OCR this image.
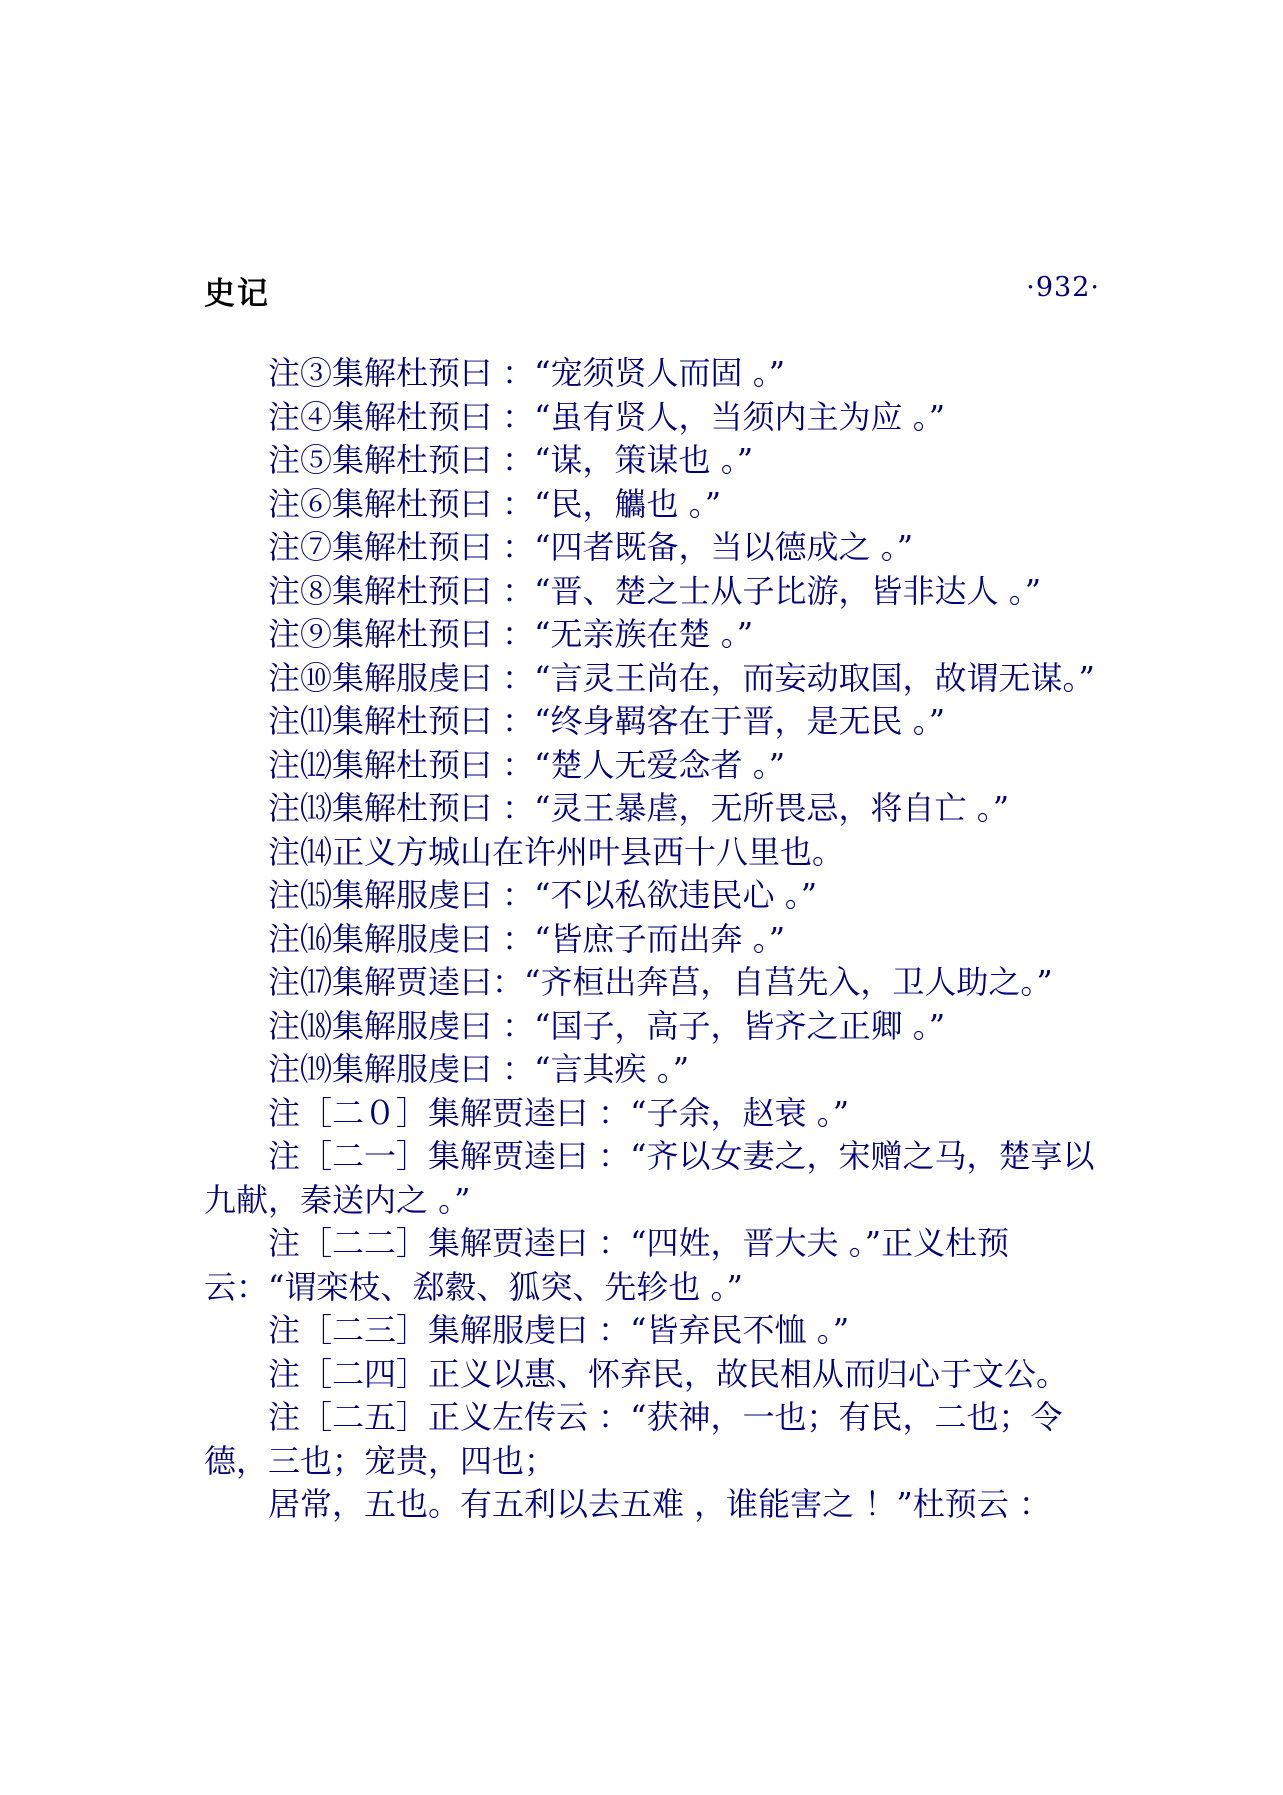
史记	·932·

注③集解杜预曰 ：“宠须贤人而固 。”

注④集解杜预曰 ：“虽有贤人，当须内主为应 。”

注⑤集解杜预曰 ：“谋，策谋也 。”

注⑥集解杜预曰 ：“民，觿也 。”

注⑦集解杜预曰 ：“四者既备，当以德成之 。”

注⑧集解杜预曰 ：“晋、楚之士从子比游，皆非达人 。”

注⑨集解杜预曰 ：“无亲族在楚 。”

注⑩集解服虔曰 ：“言灵王尚在，而妄动取国，故谓无谋。”

注⑾集解杜预曰 ：“终身羁客在于晋，是无民 。”

注⑿集解杜预曰 ：“楚人无爱念者 。”

注⒀集解杜预曰 ：“灵王暴虐，无所畏忌，将自亡 。”

注⒁正义方城山在许州叶县西十八里也。

注⒂集解服虔曰 ：“不以私欲违民心 。”

注⒃集解服虔曰 ：“皆庶子而出奔 。”

注⒄集解贾逵曰：“齐桓出奔莒，自莒先入，卫人助之。”

注⒅集解服虔曰 ：“国子，高子，皆齐之正卿 。”

注⒆集解服虔曰 ：“言其疾 。”

注［二０］集解贾逵曰 ：“子余，赵衰 。”

注［二一］集解贾逵曰 ：“齐以女妻之，宋赠之马，楚享以九献，秦送内之 。”

注［二二］集解贾逵曰 ：“四姓，晋大夫 。”正义杜预云：“谓栾枝、郄縠、狐突、先轸也 。”

注［二三］集解服虔曰 ：“皆弃民不恤 。”

注［二四］正义以惠、怀弃民，故民相从而归心于文公。

注［二五］正义左传云 ：“获神，一也；有民，二也；令德，三也；宠贵，四也；

居常，五也。有五利以去五难 ，谁能害之 ！”杜预云 ：
